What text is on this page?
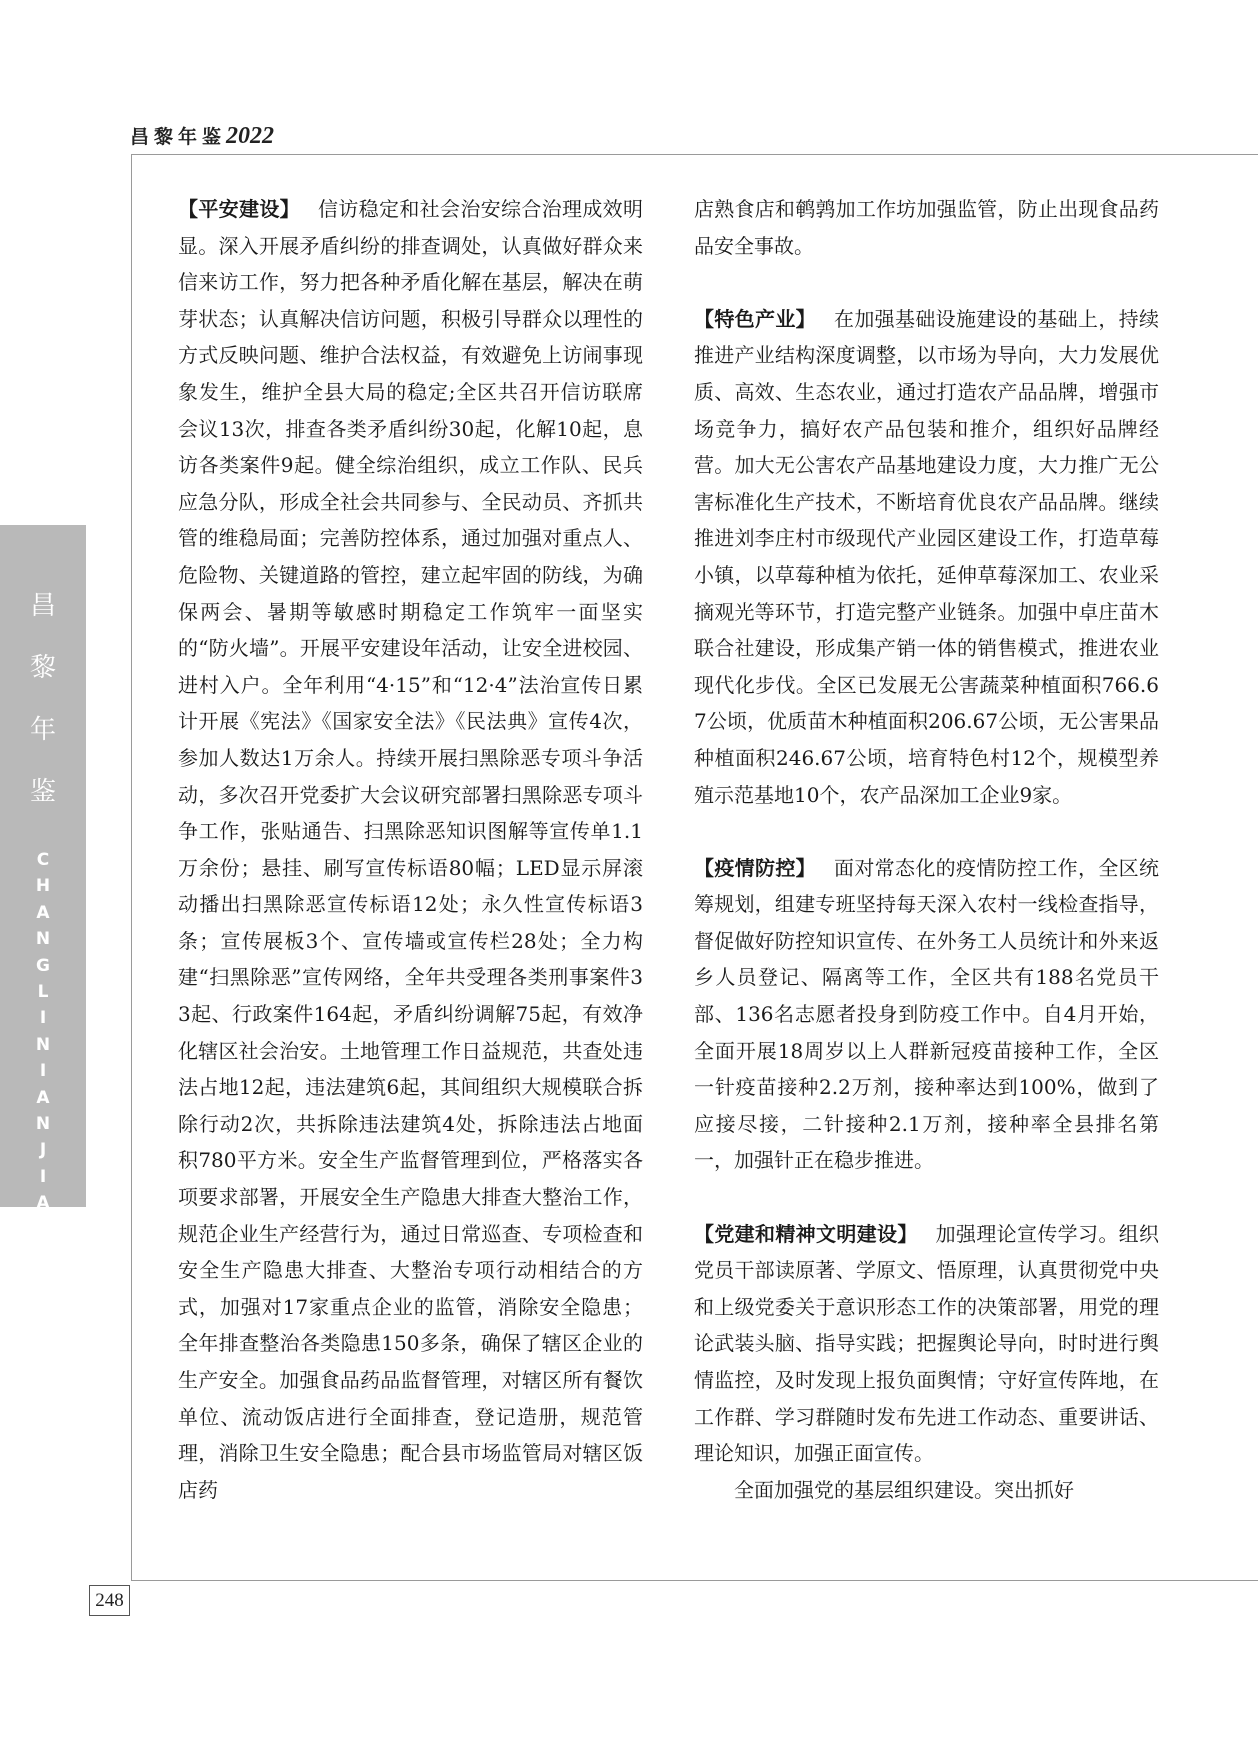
昌黎年鉴2022
昌
黎
年
鉴
C
H
A
N
G
L
I
N
I
A
N
J
I
A
N
248

【平安建设】 信访稳定和社会治安综合治理成效明显。深入开展矛盾纠纷的排查调处，认真做好群众来信来访工作，努力把各种矛盾化解在基层，解决在萌芽状态；认真解决信访问题，积极引导群众以理性的方式反映问题、维护合法权益，有效避免上访闹事现象发生，维护全县大局的稳定;全区共召开信访联席会议13次，排查各类矛盾纠纷30起，化解10起，息访各类案件9起。健全综治组织，成立工作队、民兵应急分队，形成全社会共同参与、全民动员、齐抓共管的维稳局面；完善防控体系，通过加强对重点人、危险物、关键道路的管控，建立起牢固的防线，为确保两会、暑期等敏感时期稳定工作筑牢一面坚实的“防火墙”。开展平安建设年活动，让安全进校园、进村入户。全年利用“4·15”和“12·4”法治宣传日累计开展《宪法》《国家安全法》《民法典》宣传4次，参加人数达1万余人。持续开展扫黑除恶专项斗争活动，多次召开党委扩大会议研究部署扫黑除恶专项斗争工作，张贴通告、扫黑除恶知识图解等宣传单1.1万余份；悬挂、刷写宣传标语80幅；LED显示屏滚动播出扫黑除恶宣传标语12处；永久性宣传标语3条；宣传展板3个、宣传墙或宣传栏28处；全力构建“扫黑除恶”宣传网络，全年共受理各类刑事案件33起、行政案件164起，矛盾纠纷调解75起，有效净化辖区社会治安。土地管理工作日益规范，共查处违法占地12起，违法建筑6起，其间组织大规模联合拆除行动2次，共拆除违法建筑4处，拆除违法占地面积780平方米。安全生产监督管理到位，严格落实各项要求部署，开展安全生产隐患大排查大整治工作，规范企业生产经营行为，通过日常巡查、专项检查和安全生产隐患大排查、大整治专项行动相结合的方式，加强对17家重点企业的监管，消除安全隐患；全年排查整治各类隐患150多条，确保了辖区企业的生产安全。加强食品药品监督管理，对辖区所有餐饮单位、流动饭店进行全面排查，登记造册，规范管理，消除卫生安全隐患；配合县市场监管局对辖区饭店药

店熟食店和鹌鹑加工作坊加强监管，防止出现食品药品安全事故。

【特色产业】 在加强基础设施建设的基础上，持续推进产业结构深度调整，以市场为导向，大力发展优质、高效、生态农业，通过打造农产品品牌，增强市场竞争力，搞好农产品包装和推介，组织好品牌经营。加大无公害农产品基地建设力度，大力推广无公害标准化生产技术，不断培育优良农产品品牌。继续推进刘李庄村市级现代产业园区建设工作，打造草莓小镇，以草莓种植为依托，延伸草莓深加工、农业采摘观光等环节，打造完整产业链条。加强中卓庄苗木联合社建设，形成集产销一体的销售模式，推进农业现代化步伐。全区已发展无公害蔬菜种植面积766.67公顷，优质苗木种植面积206.67公顷，无公害果品种植面积246.67公顷，培育特色村12个，规模型养殖示范基地10个，农产品深加工企业9家。

【疫情防控】 面对常态化的疫情防控工作，全区统筹规划，组建专班坚持每天深入农村一线检查指导，督促做好防控知识宣传、在外务工人员统计和外来返乡人员登记、隔离等工作，全区共有188名党员干部、136名志愿者投身到防疫工作中。自4月开始，全面开展18周岁以上人群新冠疫苗接种工作，全区一针疫苗接种2.2万剂，接种率达到100%，做到了应接尽接，二针接种2.1万剂，接种率全县排名第一，加强针正在稳步推进。

【党建和精神文明建设】 加强理论宣传学习。组织党员干部读原著、学原文、悟原理，认真贯彻党中央和上级党委关于意识形态工作的决策部署，用党的理论武装头脑、指导实践；把握舆论导向，时时进行舆情监控，及时发现上报负面舆情；守好宣传阵地，在工作群、学习群随时发布先进工作动态、重要讲话、理论知识，加强正面宣传。

全面加强党的基层组织建设。突出抓好
